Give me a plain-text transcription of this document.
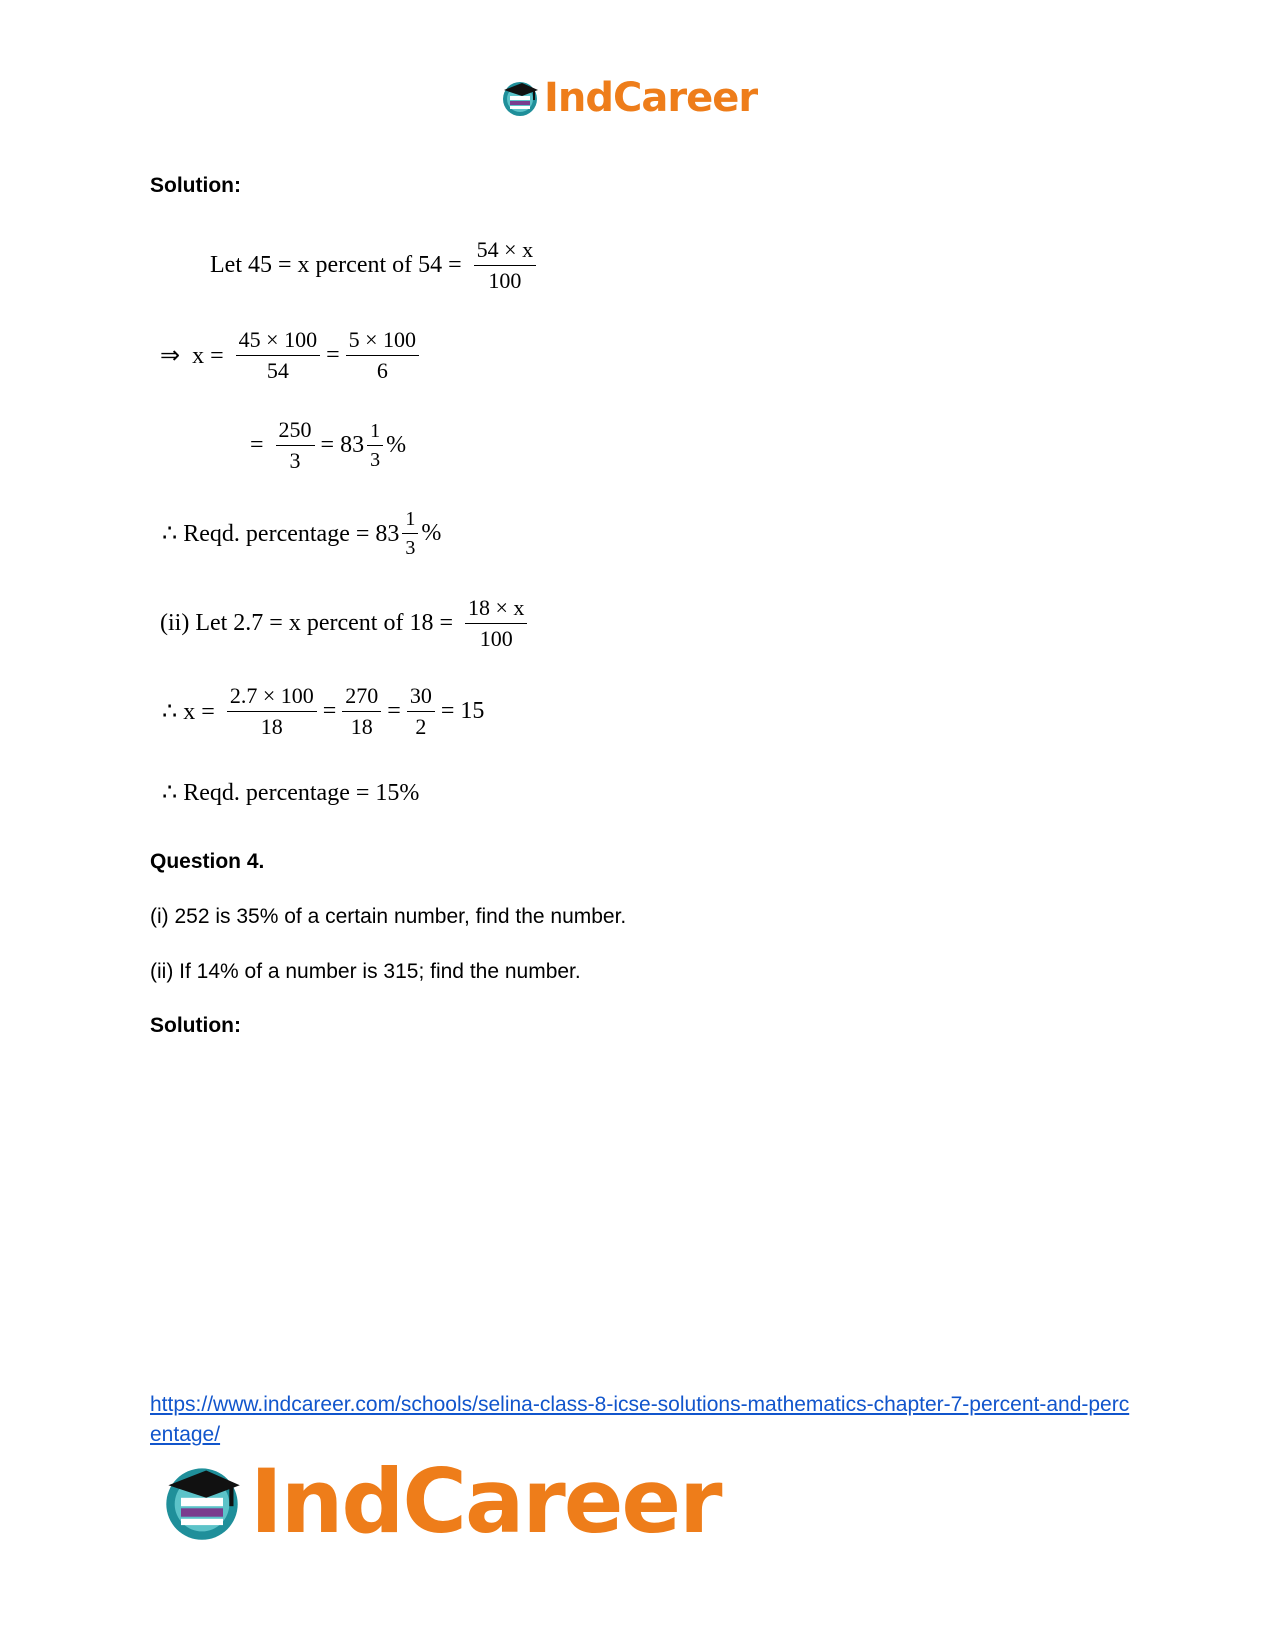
IndCareer
Solution:
Let 45 = x percent of $54 = \frac{54 \times x}{100}$
⇒  $x = \frac{45 \times 100}{54} = \frac{5 \times 100}{6}$
= $\frac{250}{3} = 83 \frac{1}{3}$ %
∴ Reqd. percentage = $83 \frac{1}{3}$ %
(ii) Let 2.7 = x percent of $18 = \frac{18 \times x}{100}$
∴ $x = \frac{2.7 \times 100}{18} = \frac{270}{18} = \frac{30}{2} = 15$
∴ Reqd. percentage = 15%
Question 4.
(i) 252 is 35% of a certain number, find the number.
(ii) If 14% of a number is 315; find the number.
Solution:
https://www.indcareer.com/schools/selina-class-8-icse-solutions-mathematics-chapter-7-percent-and-percentage/
IndCareer
